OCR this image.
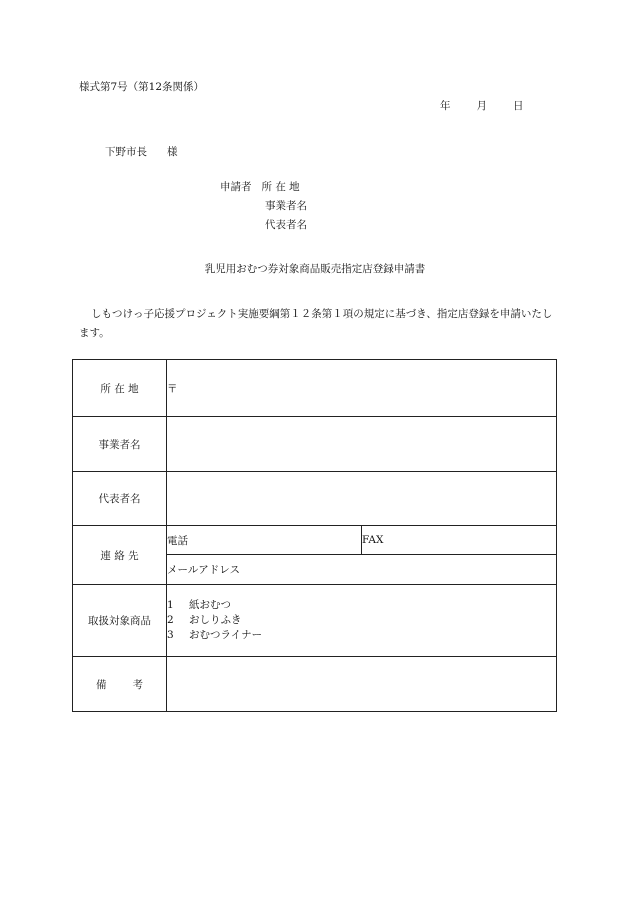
様式第7号（第12条関係）
年 月 日
下野市長 様
申請者 所 在 地
事業者名
代表者名
乳児用おむつ券対象商品販売指定店登録申請書
しもつけっ子応援プロジェクト実施要綱第１２条第１項の規定に基づき、指定店登録を申請いたします。
所 在 地	〒	
事業者名		
代表者名		
連 絡 先	電話	FAX
	メールアドレス	
取扱対象商品	1 紙おむつ
2 おしりふき
3 おむつライナー	

備 考		
